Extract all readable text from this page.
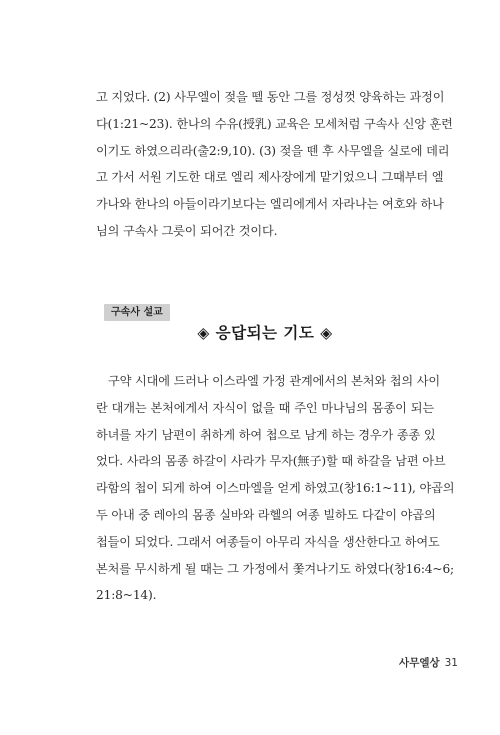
고 지었다. (2) 사무엘이 젖을 뗄 동안 그를 정성껏 양육하는 과정이
다(1:21~23). 한나의 수유(授乳) 교육은 모세처럼 구속사 신앙 훈련
이기도 하였으리라(출2:9,10). (3) 젖을 뗀 후 사무엘을 실로에 데리
고 가서 서원 기도한 대로 엘리 제사장에게 맡기었으니 그때부터 엘
가나와 한나의 아들이라기보다는 엘리에게서 자라나는 여호와 하나
님의 구속사 그릇이 되어간 것이다.
구속사 설교
◈ 응답되는 기도 ◈
구약 시대에 드러나 이스라엘 가정 관계에서의 본처와 첩의 사이
란 대개는 본처에게서 자식이 없을 때 주인 마나님의 몸종이 되는
하녀를 자기 남편이 취하게 하여 첩으로 남게 하는 경우가 종종 있
었다. 사라의 몸종 하갈이 사라가 무자(無子)할 때 하갈을 남편 아브
라함의 첩이 되게 하여 이스마엘을 얻게 하였고(창16:1~11), 야곱의
두 아내 중 레아의 몸종 실바와 라헬의 여종 빌하도 다같이 야곱의
첩들이 되었다. 그래서 여종들이 아무리 자식을 생산한다고 하여도
본처를 무시하게 될 때는 그 가정에서 쫓겨나기도 하였다(창16:4~6;
21:8~14).
사무엘상 31
